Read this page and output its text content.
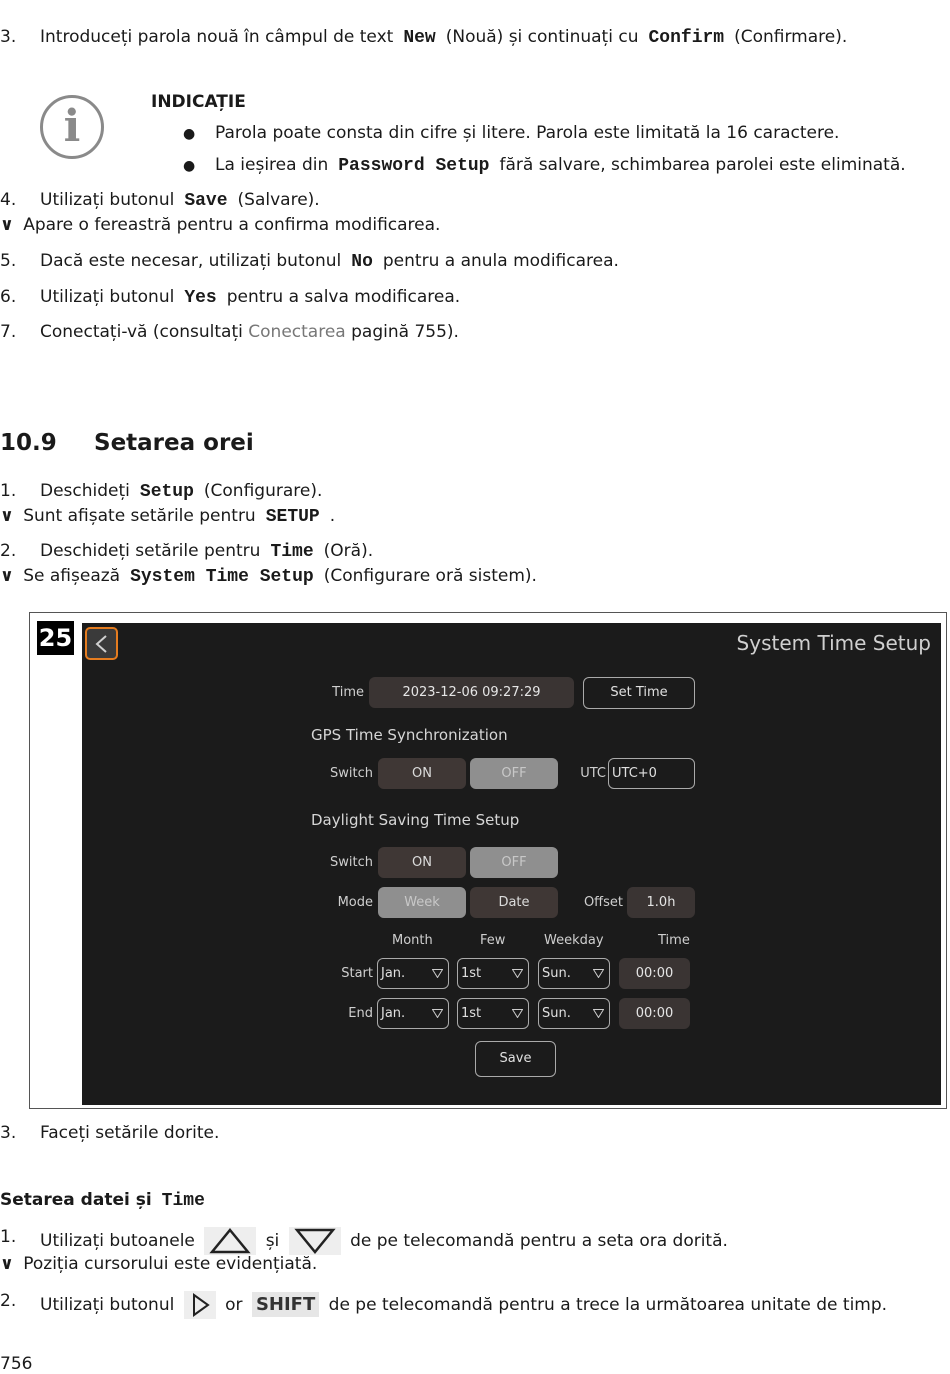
3. Introduceți parola nouă în câmpul de text New (Nouă) și continuați cu Confirm (Confirmare).
i	INDICAȚIE
● Parola poate consta din cifre și litere. Parola este limitată la 16 caractere.
● La ieșirea din Password Setup fără salvare, schimbarea parolei este eliminată.
4. Utilizați butonul Save (Salvare).
∨ Apare o fereastră pentru a confirma modificarea.
5. Dacă este necesar, utilizați butonul No pentru a anula modificarea.
6. Utilizați butonul Yes pentru a salva modificarea.
7. Conectați-vă (consultați Conectarea pagină 755).
10.9 Setarea orei
1. Deschideți Setup (Configurare).
∨ Sunt afișate setările pentru SETUP .
2. Deschideți setările pentru Time (Oră).
∨ Se afișează System Time Setup (Configurare oră sistem).
25	System Time Setup
Time	2023-12-06 09:27:29	Set Time
GPS Time Synchronization
Switch	ON	OFF	UTC UTC+0
Daylight Saving Time Setup
Switch	ON	OFF
Mode	Week	Date	Offset	1.0h
Month	Few	Weekday	Time
Start Jan.	1st	Sun.	00:00
End Jan.	1st	Sun.	00:00
Save
3. Faceți setările dorite.
Setarea datei și Time
1. Utilizați butoanele	și	de pe telecomandă pentru a seta ora dorită.
∨ Poziția cursorului este evidențiată.
2. Utilizați butonul	or SHIFT de pe telecomandă pentru a trece la următoarea unitate de timp.
756
